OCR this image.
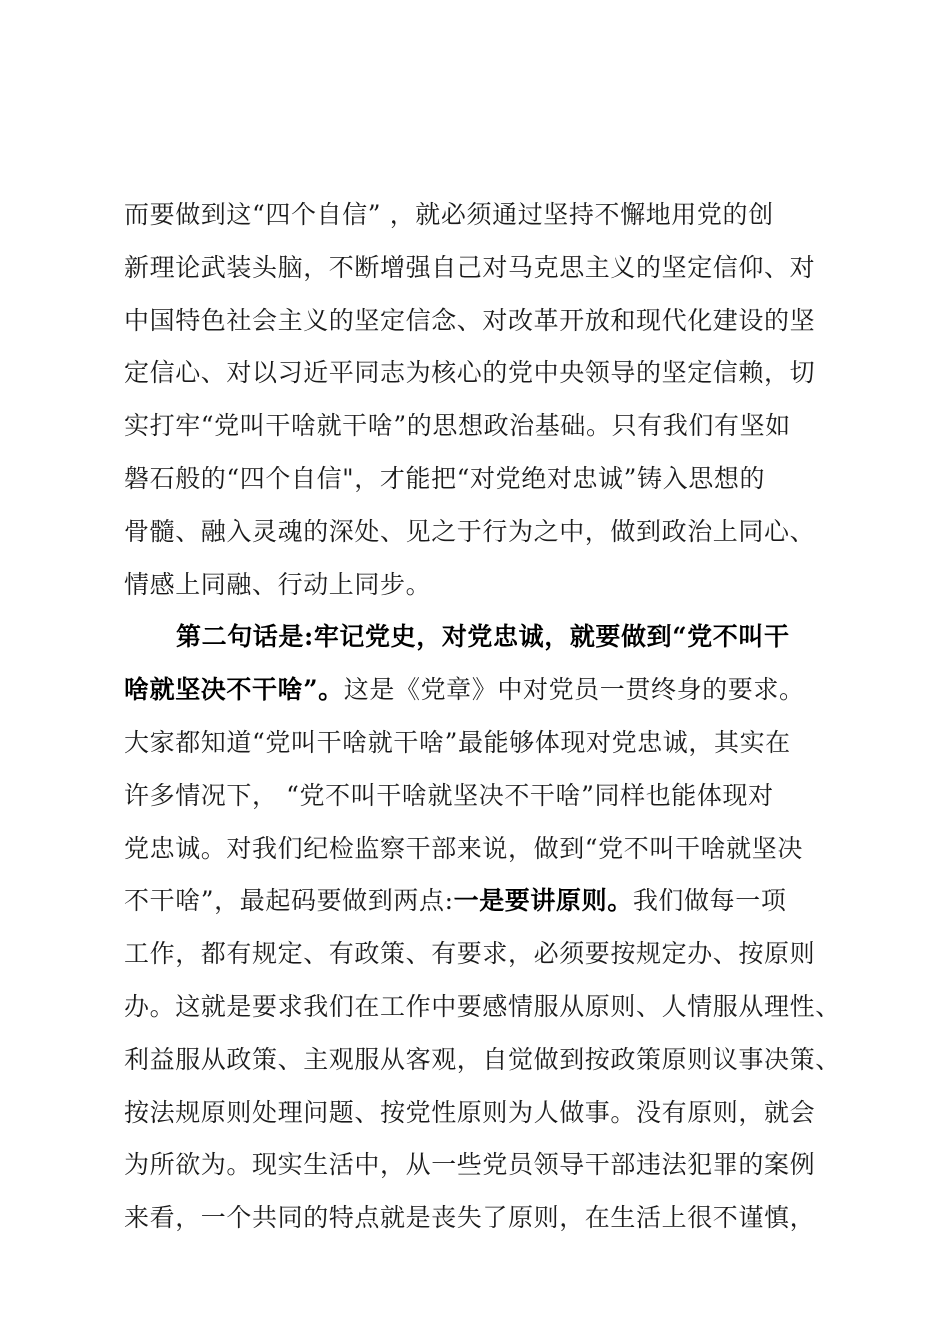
而要做到这“四个自信” ，就必须通过坚持不懈地用党的创
新理论武装头脑，不断增强自己对马克思主义的坚定信仰、对
中国特色社会主义的坚定信念、对改革开放和现代化建设的坚
定信心、对以习近平同志为核心的党中央领导的坚定信赖，切
实打牢“党叫干啥就干啥”的思想政治基础。只有我们有坚如
磐石般的“四个自信"，才能把“对党绝对忠诚”铸入思想的
骨髓、融入灵魂的深处、见之于行为之中，做到政治上同心、
情感上同融、行动上同步。
第二句话是:牢记党史，对党忠诚，就要做到“党不叫干
啥就坚决不干啥”。这是《党章》中对党员一贯终身的要求。
大家都知道“党叫干啥就干啥”最能够体现对党忠诚，其实在
许多情况下， “党不叫干啥就坚决不干啥”同样也能体现对
党忠诚。对我们纪检监察干部来说，做到“党不叫干啥就坚决
不干啥”，最起码要做到两点:一是要讲原则。我们做每一项
工作，都有规定、有政策、有要求，必须要按规定办、按原则
办。这就是要求我们在工作中要感情服从原则、人情服从理性、
利益服从政策、主观服从客观，自觉做到按政策原则议事决策、
按法规原则处理问题、按党性原则为人做事。没有原则，就会
为所欲为。现实生活中，从一些党员领导干部违法犯罪的案例
来看，一个共同的特点就是丧失了原则，在生活上很不谨慎，
